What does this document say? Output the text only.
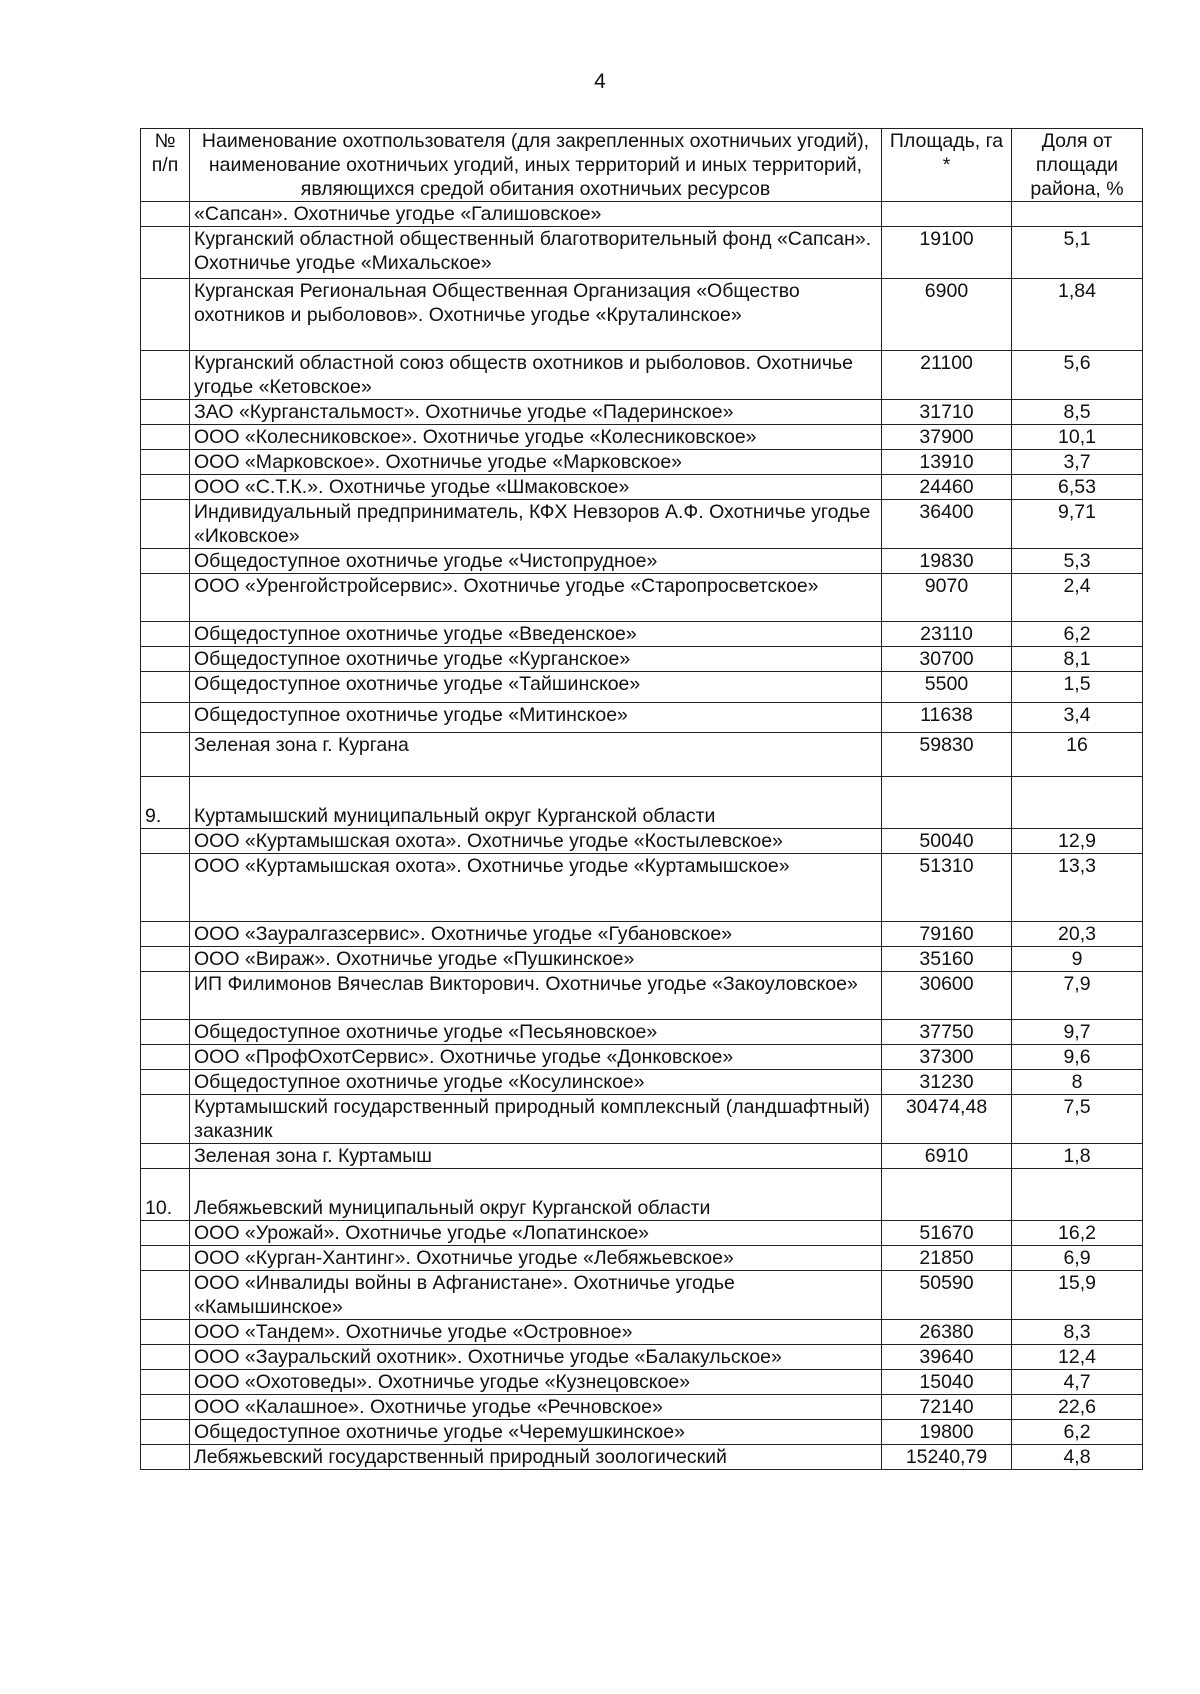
4
№ п/п	Наименование охотпользователя (для закрепленных охотничьих угодий), наименование охотничьих угодий, иных территорий и иных территорий, являющихся средой обитания охотничьих ресурсов	Площадь, га *	Доля от площади района, %
	«Сапсан». Охотничье угодье «Галишовское»		
	Курганский областной общественный благотворительный фонд «Сапсан». Охотничье угодье «Михальское»	19100	5,1
	Курганская Региональная Общественная Организация «Общество охотников и рыболовов». Охотничье угодье «Круталинское»	6900	1,84
	Курганский областной союз обществ охотников и рыболовов. Охотничье угодье «Кетовское»	21100	5,6
	ЗАО «Курганстальмост». Охотничье угодье «Падеринское»	31710	8,5
	ООО «Колесниковское». Охотничье угодье «Колесниковское»	37900	10,1
	ООО «Марковское». Охотничье угодье «Марковское»	13910	3,7
	ООО «С.Т.К.». Охотничье угодье «Шмаковское»	24460	6,53
	Индивидуальный предприниматель, КФХ Невзоров А.Ф. Охотничье угодье «Иковское»	36400	9,71
	Общедоступное охотничье угодье «Чистопрудное»	19830	5,3
	ООО «Уренгойстройсервис». Охотничье угодье «Старопросветское»	9070	2,4
	Общедоступное охотничье угодье «Введенское»	23110	6,2
	Общедоступное охотничье угодье «Курганское»	30700	8,1
	Общедоступное охотничье угодье «Тайшинское»	5500	1,5
	Общедоступное охотничье угодье «Митинское»	11638	3,4
	Зеленая зона г. Кургана	59830	16
9.	Куртамышский муниципальный округ Курганской области		
	ООО «Куртамышская охота». Охотничье угодье «Костылевское»	50040	12,9
	ООО «Куртамышская охота». Охотничье угодье «Куртамышское»	51310	13,3
	ООО «Зауралгазсервис». Охотничье угодье «Губановское»	79160	20,3
	ООО «Вираж». Охотничье угодье «Пушкинское»	35160	9
	ИП Филимонов Вячеслав Викторович. Охотничье угодье «Закоуловское»	30600	7,9
	Общедоступное охотничье угодье «Песьяновское»	37750	9,7
	ООО «ПрофОхотСервис». Охотничье угодье «Донковское»	37300	9,6
	Общедоступное охотничье угодье «Косулинское»	31230	8
	Куртамышский государственный природный комплексный (ландшафтный) заказник	30474,48	7,5
	Зеленая зона г. Куртамыш	6910	1,8
10.	Лебяжьевский муниципальный округ Курганской области		
	ООО «Урожай». Охотничье угодье «Лопатинское»	51670	16,2
	ООО «Курган-Хантинг». Охотничье угодье «Лебяжьевское»	21850	6,9
	ООО «Инвалиды войны в Афганистане». Охотничье угодье «Камышинское»	50590	15,9
	ООО «Тандем». Охотничье угодье «Островное»	26380	8,3
	ООО «Зауральский охотник». Охотничье угодье «Балакульское»	39640	12,4
	ООО «Охотоведы». Охотничье угодье «Кузнецовское»	15040	4,7
	ООО «Калашное». Охотничье угодье «Речновское»	72140	22,6
	Общедоступное охотничье угодье «Черемушкинское»	19800	6,2
	Лебяжьевский государственный природный зоологический	15240,79	4,8
